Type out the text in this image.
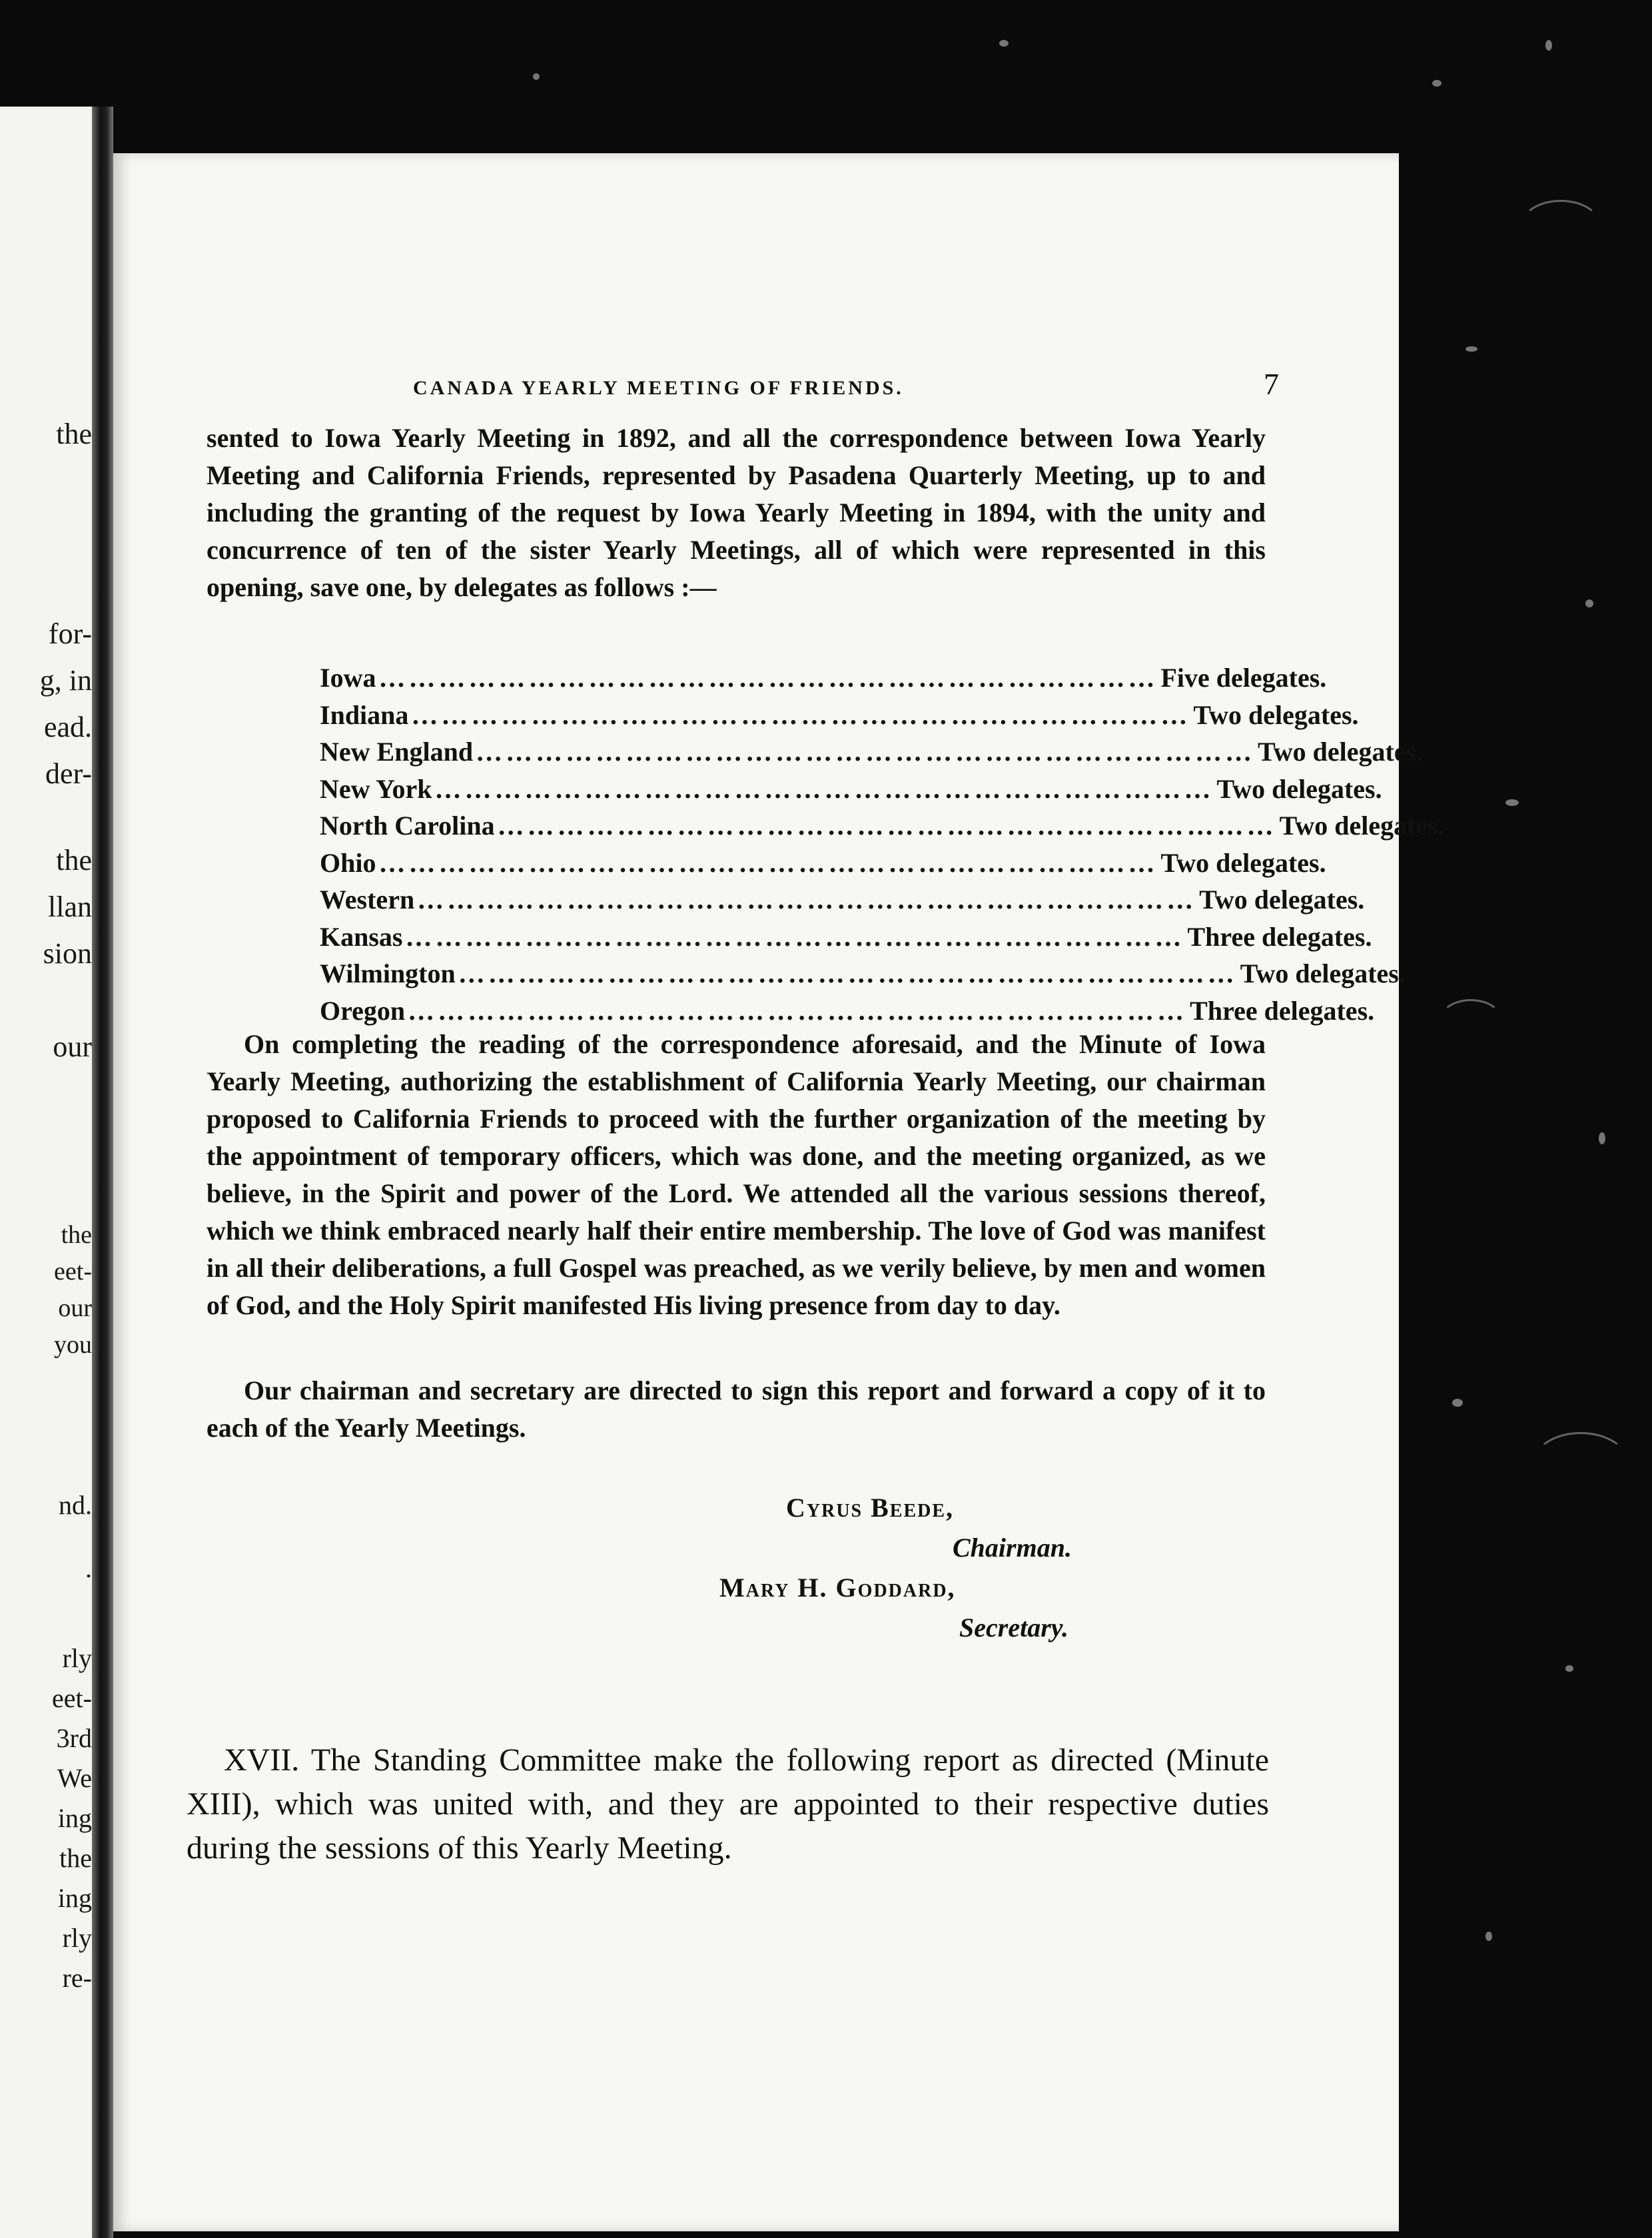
the
for-
g, in
ead.
der-
the
llan
sion
our
the
eet-
our
you
nd.
.
rly
eet-
3rd
We
ing
the
ing
rly
re-
CANADA YEARLY MEETING OF FRIENDS.	7

sented to Iowa Yearly Meeting in 1892, and all the correspondence between Iowa Yearly Meeting and California Friends, represented by Pasadena Quarterly Meeting, up to and including the granting of the request by Iowa Yearly Meeting in 1894, with the unity and concurrence of ten of the sister Yearly Meetings, all of which were represented in this opening, save one, by delegates as follows :—

Iowa …………………………………………………………………… Five delegates.
Indiana …………………………………………………………………… Two delegates.
New England …………………………………………………………………… Two delegates.
New York …………………………………………………………………… Two delegates.
North Carolina …………………………………………………………………… Two delegates.
Ohio …………………………………………………………………… Two delegates.
Western …………………………………………………………………… Two delegates.
Kansas …………………………………………………………………… Three delegates.
Wilmington …………………………………………………………………… Two delegates.
Oregon …………………………………………………………………… Three delegates.

On completing the reading of the correspondence aforesaid, and the Minute of Iowa Yearly Meeting, authorizing the establishment of California Yearly Meeting, our chairman proposed to California Friends to proceed with the further organization of the meeting by the appointment of temporary officers, which was done, and the meeting organized, as we believe, in the Spirit and power of the Lord. We attended all the various sessions thereof, which we think embraced nearly half their entire membership. The love of God was manifest in all their deliberations, a full Gospel was preached, as we verily believe, by men and women of God, and the Holy Spirit manifested His living presence from day to day.

Our chairman and secretary are directed to sign this report and forward a copy of it to each of the Yearly Meetings.

Cyrus Beede,
Chairman.
Mary H. Goddard,
Secretary.

XVII. The Standing Committee make the following report as directed (Minute XIII), which was united with, and they are appointed to their respective duties during the sessions of this Yearly Meeting.
